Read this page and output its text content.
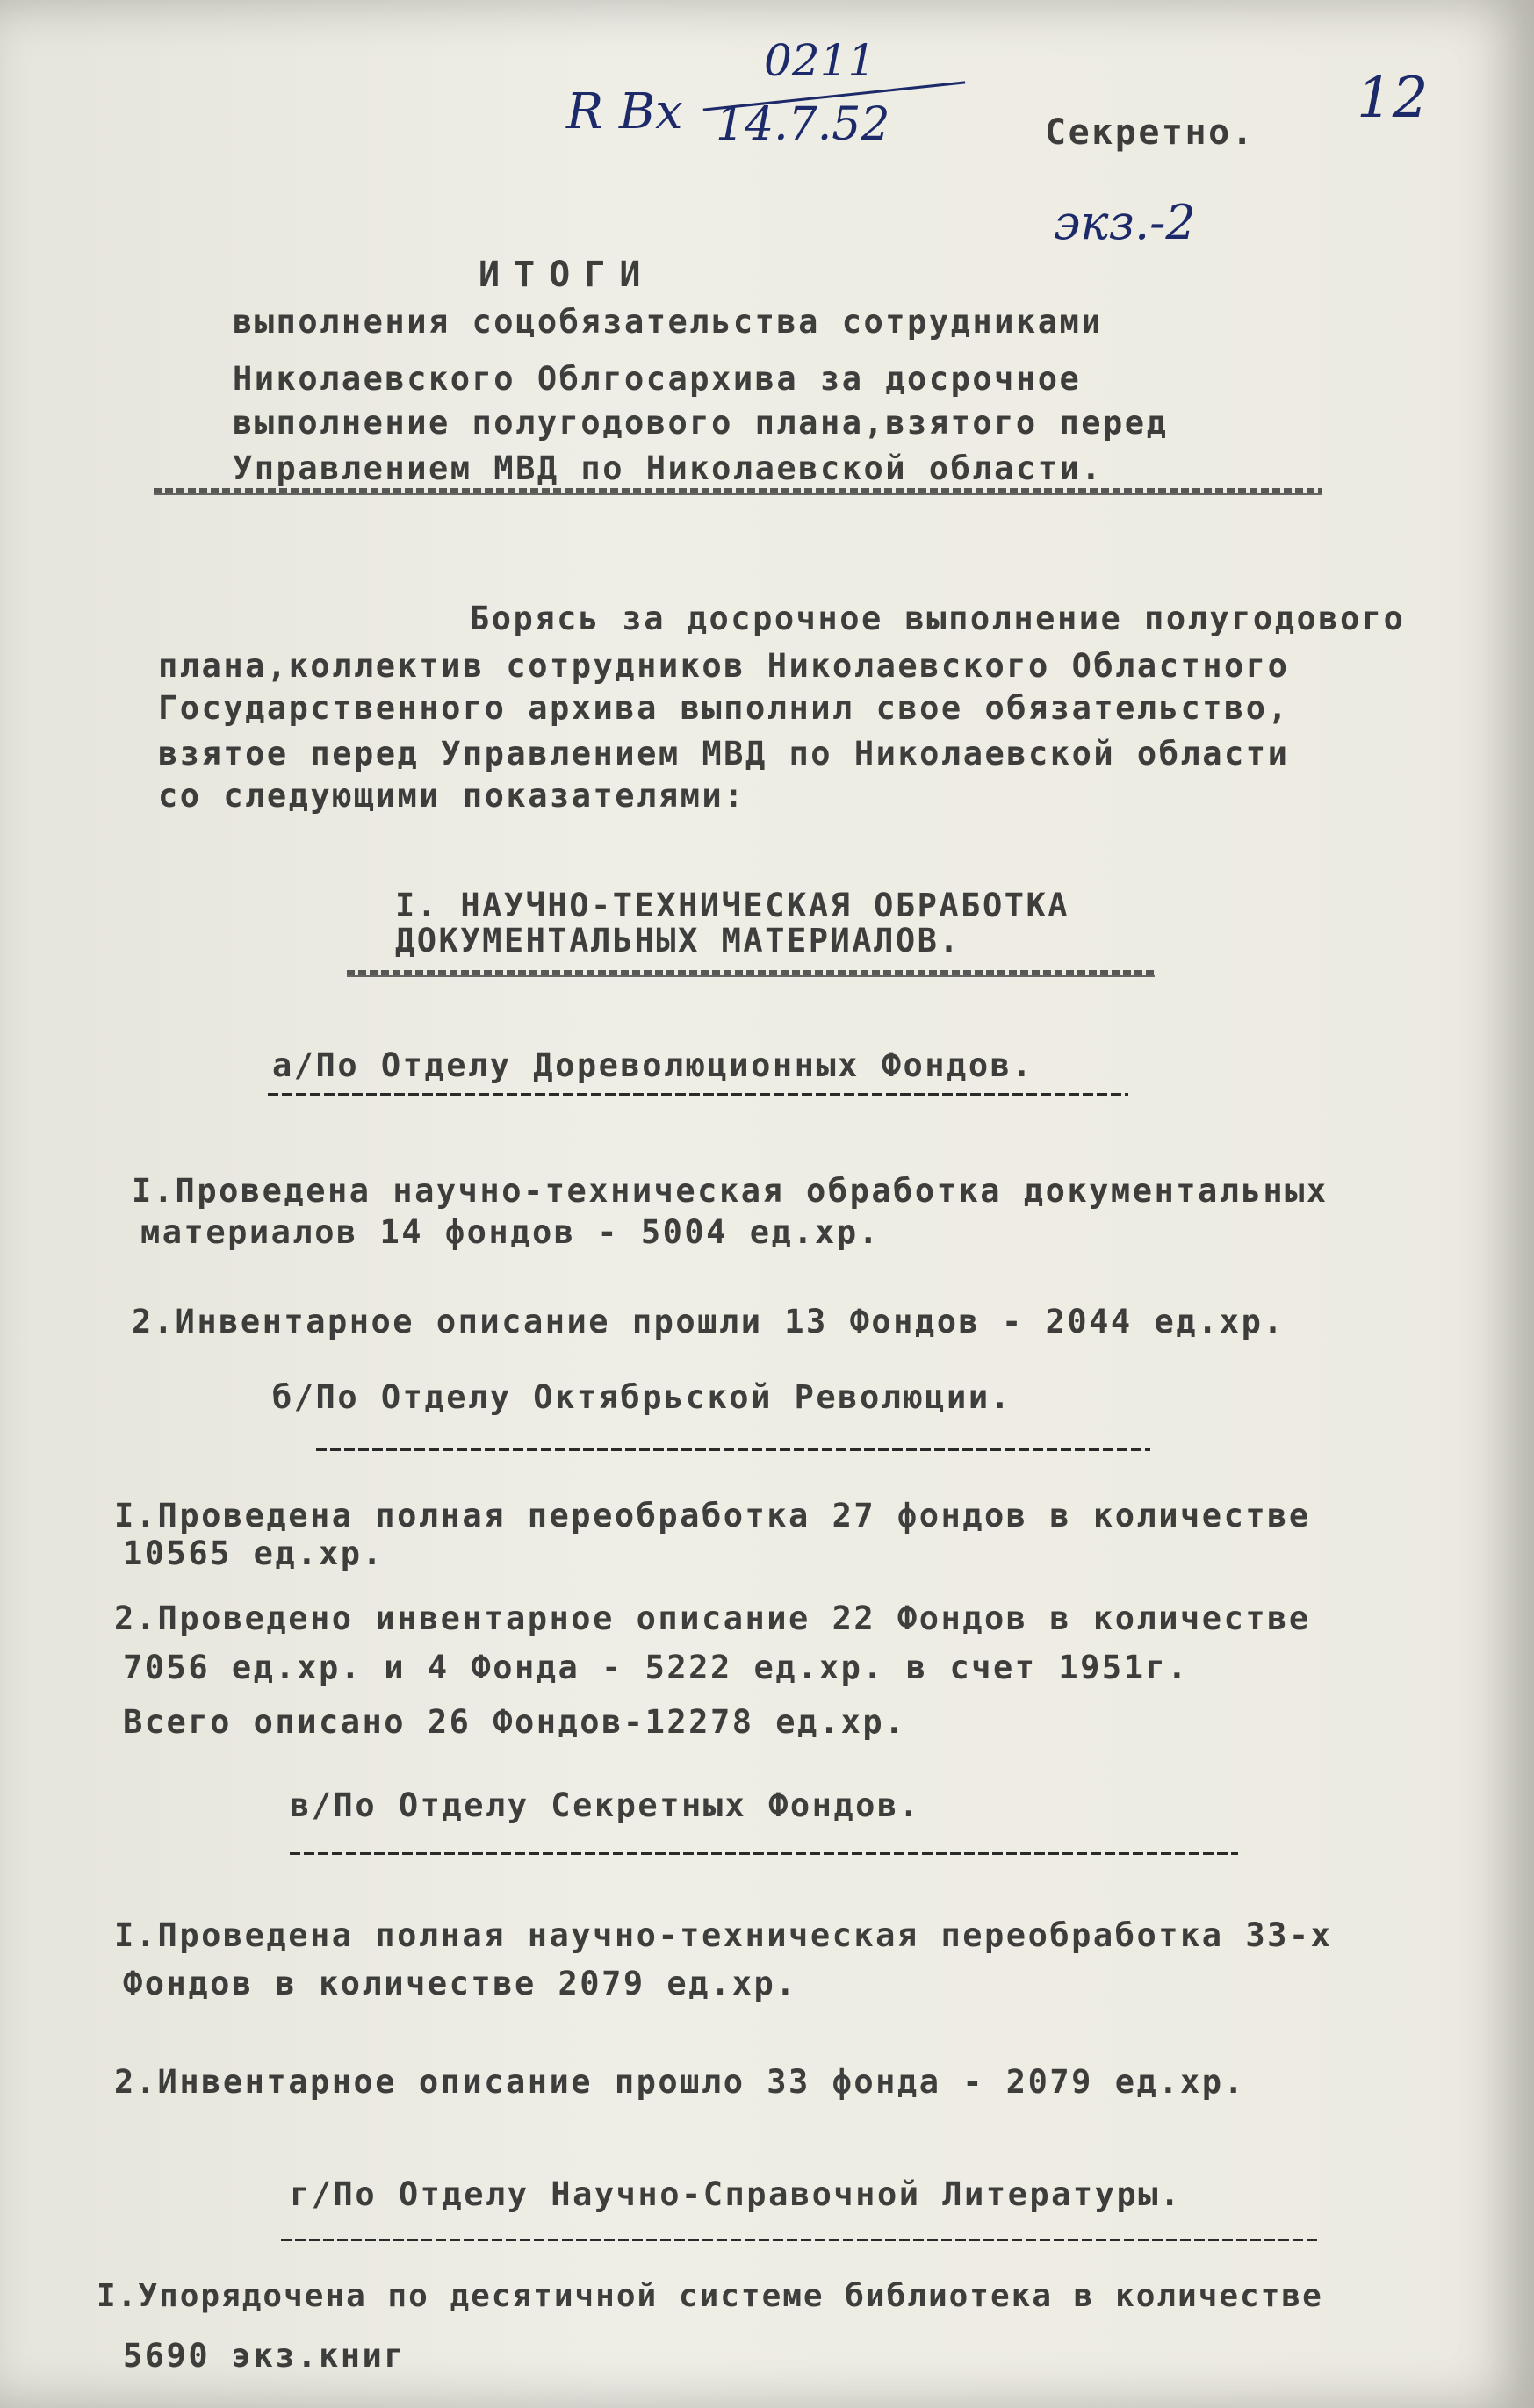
R Вх
0211
14.7.52	12
Секретно.
экз.-2
ИТОГИ
выполнения соцобязательства сотрудниками
Николаевского Облгосархива за досрочное
выполнение полугодового плана,взятого перед
Управлением МВД по Николаевской области.
Борясь за досрочное выполнение полугодового
плана,коллектив сотрудников Николаевского Областного
Государственного архива выполнил свое обязательство,
взятое перед Управлением МВД по Николаевской области
со следующими показателями:
I. НАУЧНО-ТЕХНИЧЕСКАЯ ОБРАБОТКА
ДОКУМЕНТАЛЬНЫХ МАТЕРИАЛОВ.
а/По Отделу Дореволюционных Фондов.
I.Проведена научно-техническая обработка документальных
материалов 14 фондов - 5004 ед.хр.
2.Инвентарное описание прошли 13 Фондов - 2044 ед.хр.
б/По Отделу Октябрьской Революции.
I.Проведена полная переобработка 27 фондов в количестве
10565 ед.хр.
2.Проведено инвентарное описание 22 Фондов в количестве
7056 ед.хр. и 4 Фонда - 5222 ед.хр. в счет 1951г.
Всего описано 26 Фондов-12278 ед.хр.
в/По Отделу Секретных Фондов.
I.Проведена полная научно-техническая переобработка 33-х
Фондов в количестве 2079 ед.хр.
2.Инвентарное описание прошло 33 фонда - 2079 ед.хр.
г/По Отделу Научно-Справочной Литературы.
I.Упорядочена по десятичной системе библиотека в количестве
5690 экз.книг
